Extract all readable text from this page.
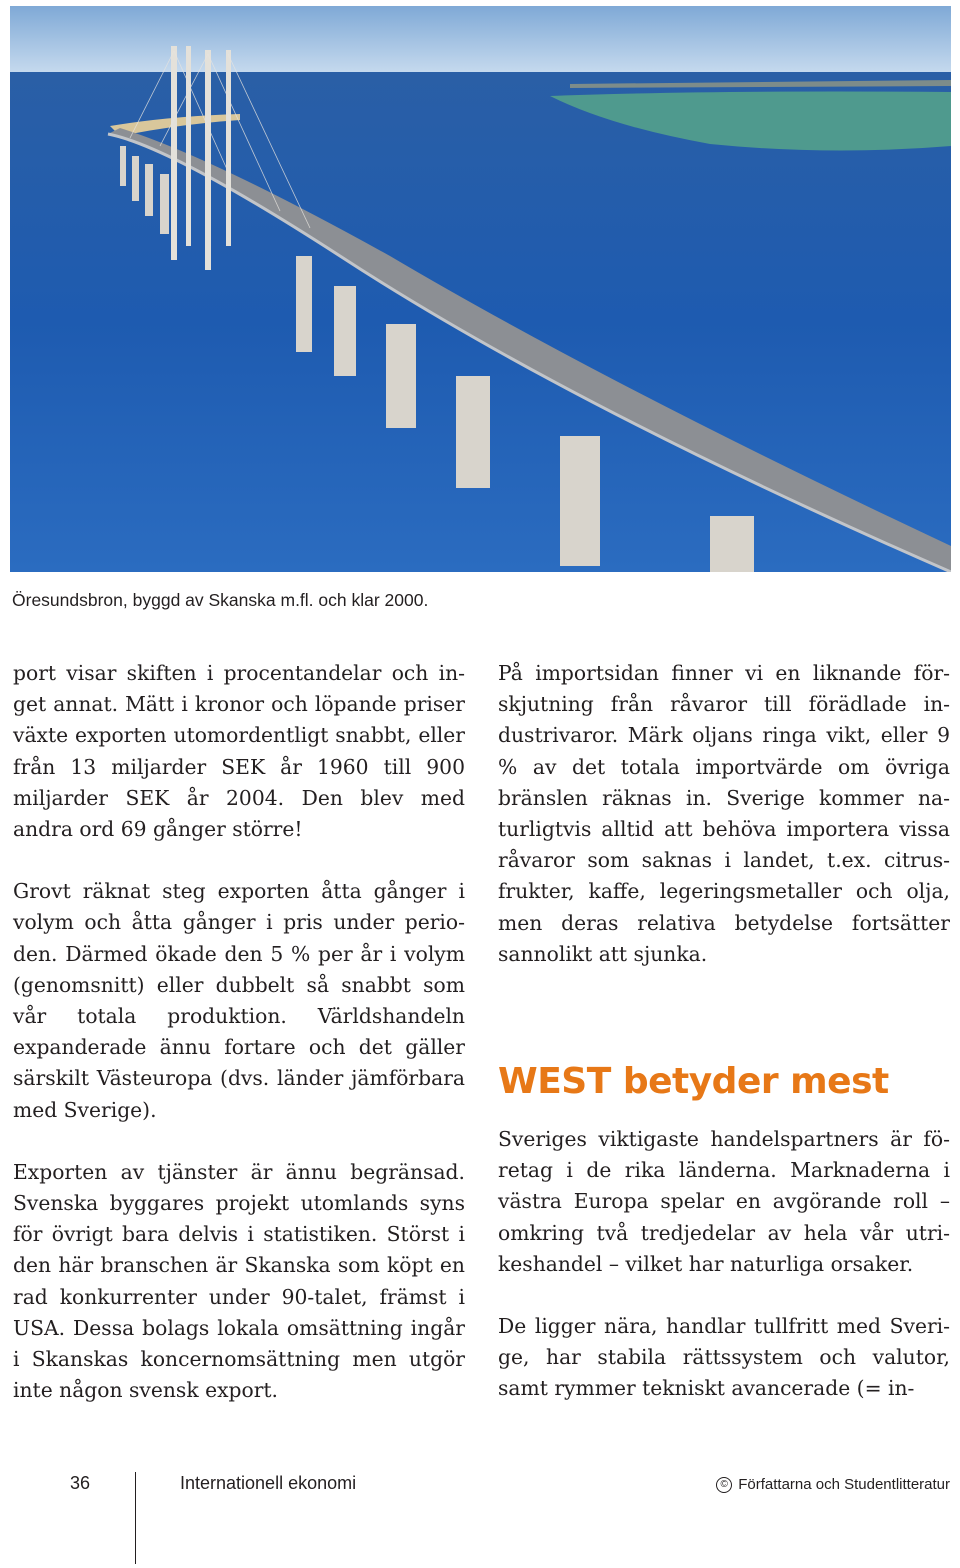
Öresundsbron, byggd av Skanska m.fl. och klar 2000.

port visar skiften i procentandelar och inget annat. Mätt i kronor och löpande priser växte exporten utomordentligt snabbt, eller från 13 miljarder SEK år 1960 till 900 miljarder SEK år 2004. Den blev med andra ord 69 gånger större!

Grovt räknat steg exporten åtta gånger i volym och åtta gånger i pris under perioden. Därmed ökade den 5 % per år i volym (genomsnitt) eller dubbelt så snabbt som vår totala produktion. Världshandeln expanderade ännu fortare och det gäller särskilt Västeuropa (dvs. länder jämförbara med Sverige).

Exporten av tjänster är ännu begränsad. Svenska byggares projekt utomlands syns för övrigt bara delvis i statistiken. Störst i den här branschen är Skanska som köpt en rad konkurrenter under 90-talet, främst i USA. Dessa bolags lokala omsättning ingår i Skanskas koncernomsättning men utgör inte någon svensk export.

På importsidan finner vi en liknande förskjutning från råvaror till förädlade industrivaror. Märk oljans ringa vikt, eller 9 % av det totala importvärde om övriga bränslen räknas in. Sverige kommer naturligtvis alltid att behöva importera vissa råvaror som saknas i landet, t.ex. citrusfrukter, kaffe, legeringsmetaller och olja, men deras relativa betydelse fortsätter sannolikt att sjunka.

WEST betyder mest

Sveriges viktigaste handelspartners är företag i de rika länderna. Marknaderna i västra Europa spelar en avgörande roll – omkring två tredjedelar av hela vår utrikeshandel – vilket har naturliga orsaker.

De ligger nära, handlar tullfritt med Sverige, har stabila rättssystem och valutor, samt rymmer tekniskt avancerade (= in-

36	Internationell ekonomi	© Författarna och Studentlitteratur
